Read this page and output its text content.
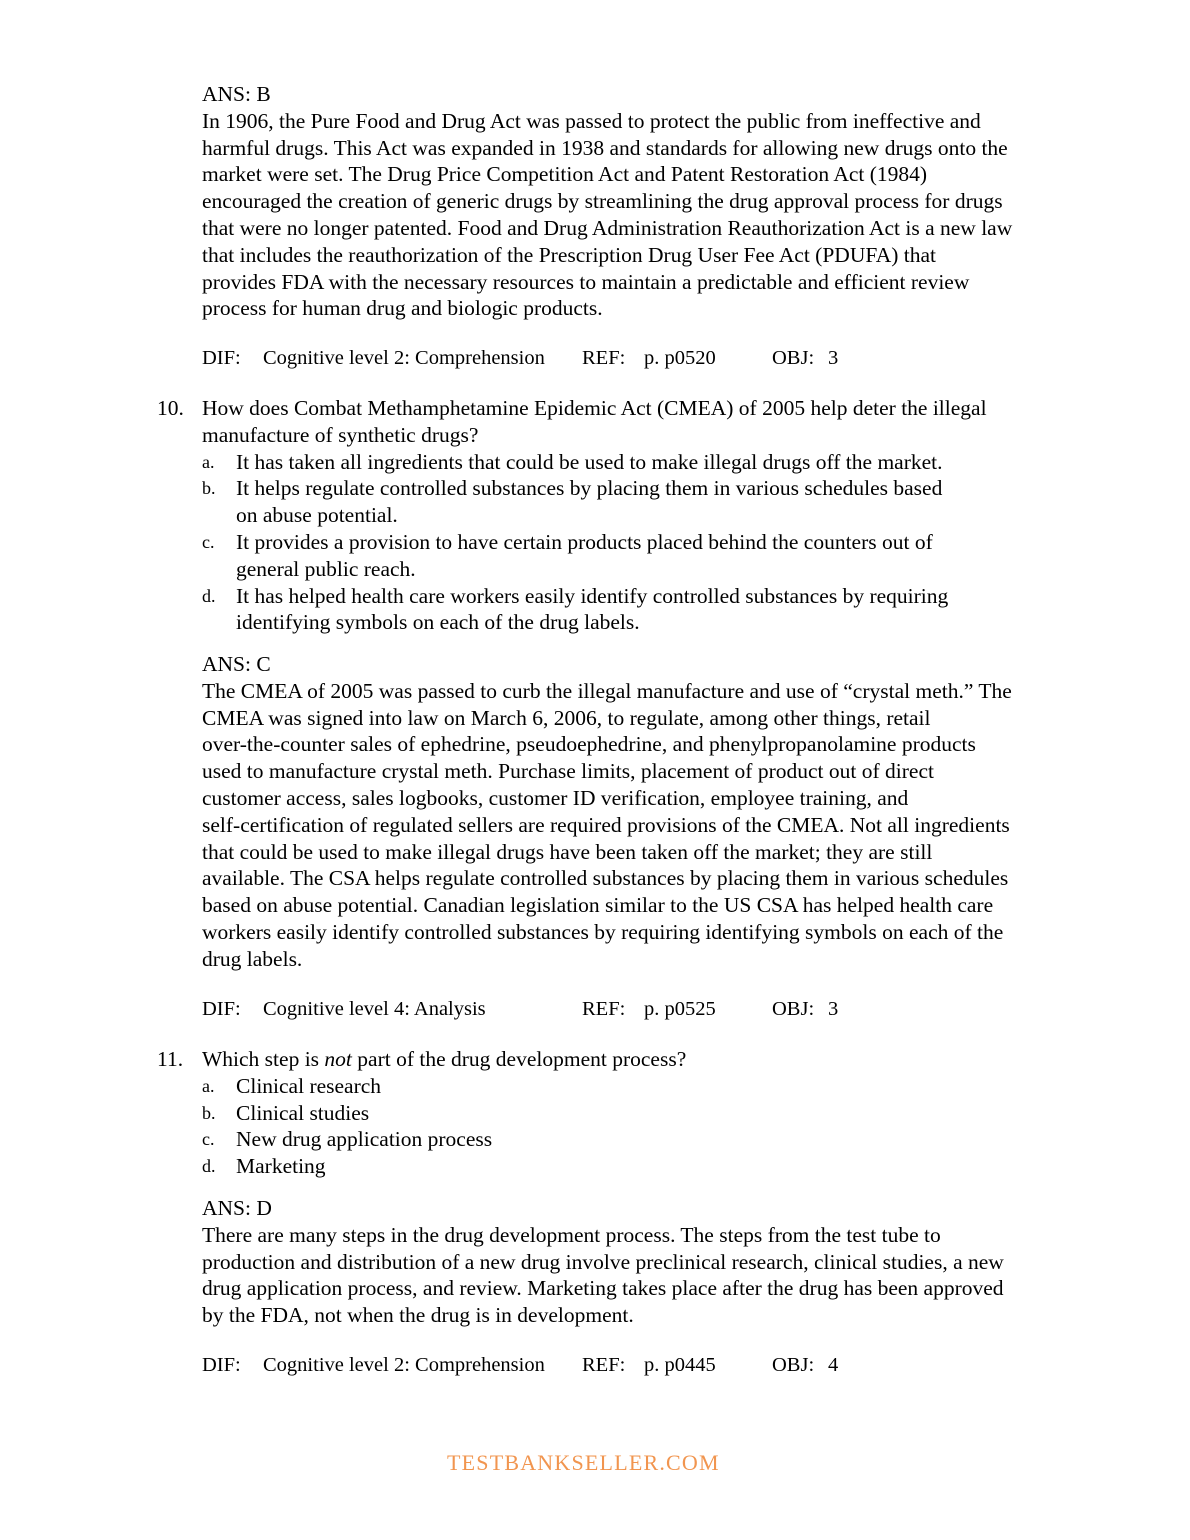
ANS: B
In 1906, the Pure Food and Drug Act was passed to protect the public from ineffective and
harmful drugs. This Act was expanded in 1938 and standards for allowing new drugs onto the
market were set. The Drug Price Competition Act and Patent Restoration Act (1984)
encouraged the creation of generic drugs by streamlining the drug approval process for drugs
that were no longer patented. Food and Drug Administration Reauthorization Act is a new law
that includes the reauthorization of the Prescription Drug User Fee Act (PDUFA) that
provides FDA with the necessary resources to maintain a predictable and efficient review
process for human drug and biologic products.
DIF: Cognitive level 2: Comprehension REF: p. p0520	OBJ: 3
10. How does Combat Methamphetamine Epidemic Act (CMEA) of 2005 help deter the illegal
manufacture of synthetic drugs?
a. It has taken all ingredients that could be used to make illegal drugs off the market.
b. It helps regulate controlled substances by placing them in various schedules based
on abuse potential.
c. It provides a provision to have certain products placed behind the counters out of
general public reach.
d. It has helped health care workers easily identify controlled substances by requiring
identifying symbols on each of the drug labels.
ANS: C
The CMEA of 2005 was passed to curb the illegal manufacture and use of “crystal meth.” The
CMEA was signed into law on March 6, 2006, to regulate, among other things, retail
over-the-counter sales of ephedrine, pseudoephedrine, and phenylpropanolamine products
used to manufacture crystal meth. Purchase limits, placement of product out of direct
customer access, sales logbooks, customer ID verification, employee training, and
self-certification of regulated sellers are required provisions of the CMEA. Not all ingredients
that could be used to make illegal drugs have been taken off the market; they are still
available. The CSA helps regulate controlled substances by placing them in various schedules
based on abuse potential. Canadian legislation similar to the US CSA has helped health care
workers easily identify controlled substances by requiring identifying symbols on each of the
drug labels.
DIF: Cognitive level 4: Analysis	REF: p. p0525	OBJ: 3
11. Which step is not part of the drug development process?
a. Clinical research
b. Clinical studies
c. New drug application process
d. Marketing
ANS: D
There are many steps in the drug development process. The steps from the test tube to
production and distribution of a new drug involve preclinical research, clinical studies, a new
drug application process, and review. Marketing takes place after the drug has been approved
by the FDA, not when the drug is in development.
DIF: Cognitive level 2: Comprehension REF: p. p0445	OBJ: 4
TESTBANKSELLER.COM
